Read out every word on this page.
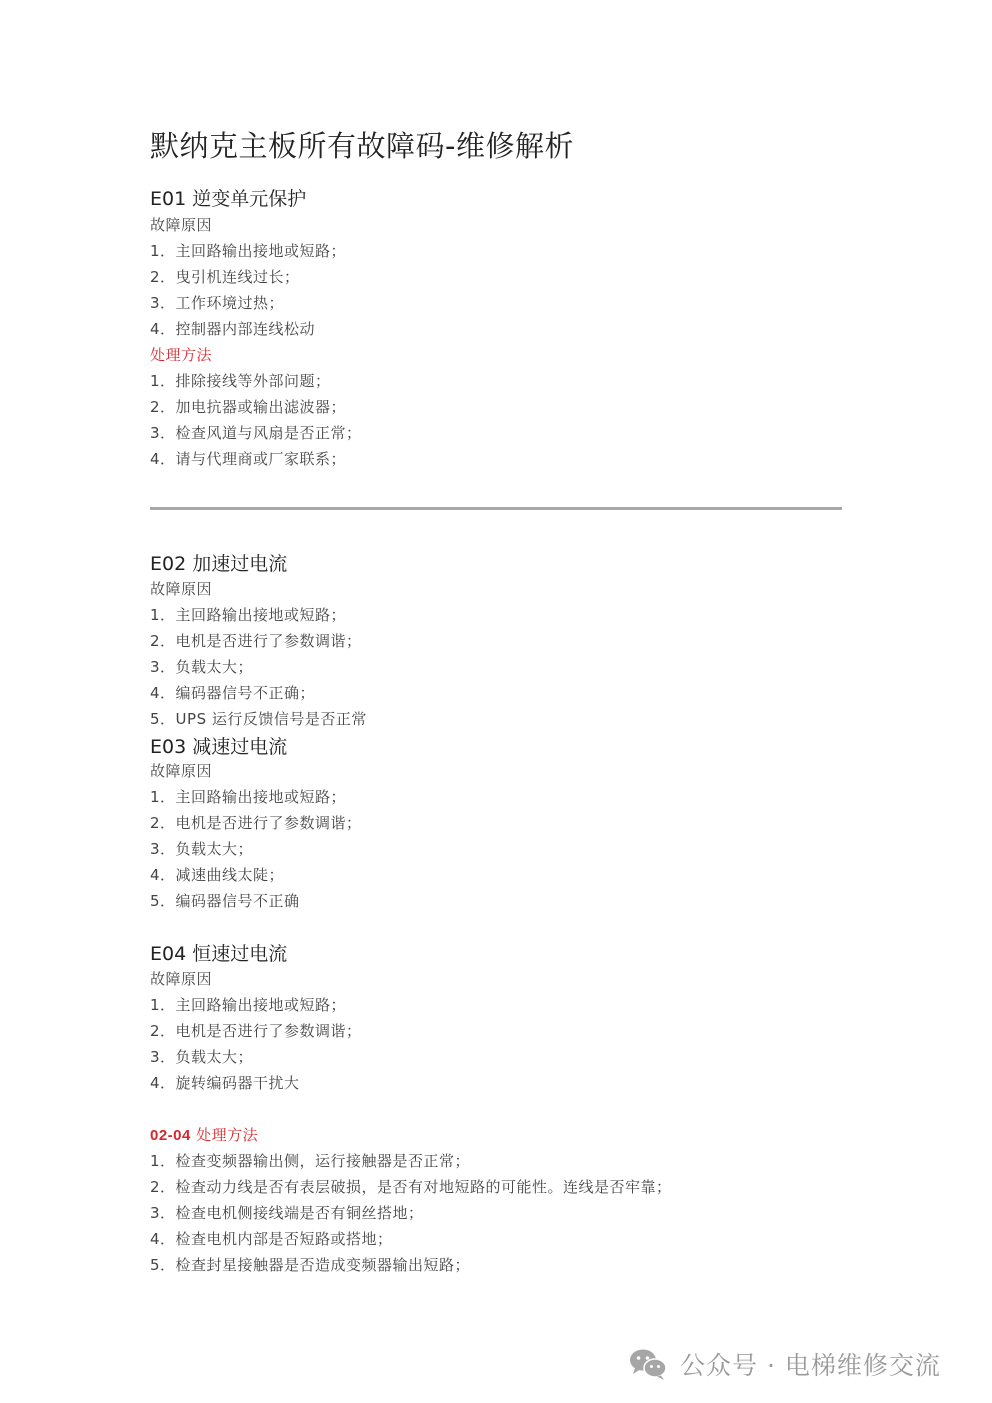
默纳克主板所有故障码-维修解析
E01 逆变单元保护
故障原因
1．主回路输出接地或短路；
2．曳引机连线过长；
3．工作环境过热；
4．控制器内部连线松动
处理方法
1．排除接线等外部问题；
2．加电抗器或输出滤波器；
3．检查风道与风扇是否正常；
4．请与代理商或厂家联系；
E02 加速过电流
故障原因
1．主回路输出接地或短路；
2．电机是否进行了参数调谐；
3．负载太大；
4．编码器信号不正确；
5．UPS 运行反馈信号是否正常
E03 减速过电流
故障原因
1．主回路输出接地或短路；
2．电机是否进行了参数调谐；
3．负载太大；
4．减速曲线太陡；
5．编码器信号不正确
E04 恒速过电流
故障原因
1．主回路输出接地或短路；
2．电机是否进行了参数调谐；
3．负载太大；
4．旋转编码器干扰大
02-04 处理方法
1．检查变频器输出侧，运行接触器是否正常；
2．检查动力线是否有表层破损，是否有对地短路的可能性。连线是否牢靠；
3．检查电机侧接线端是否有铜丝搭地；
4．检查电机内部是否短路或搭地；
5．检查封星接触器是否造成变频器输出短路；
公众号 · 电梯维修交流
